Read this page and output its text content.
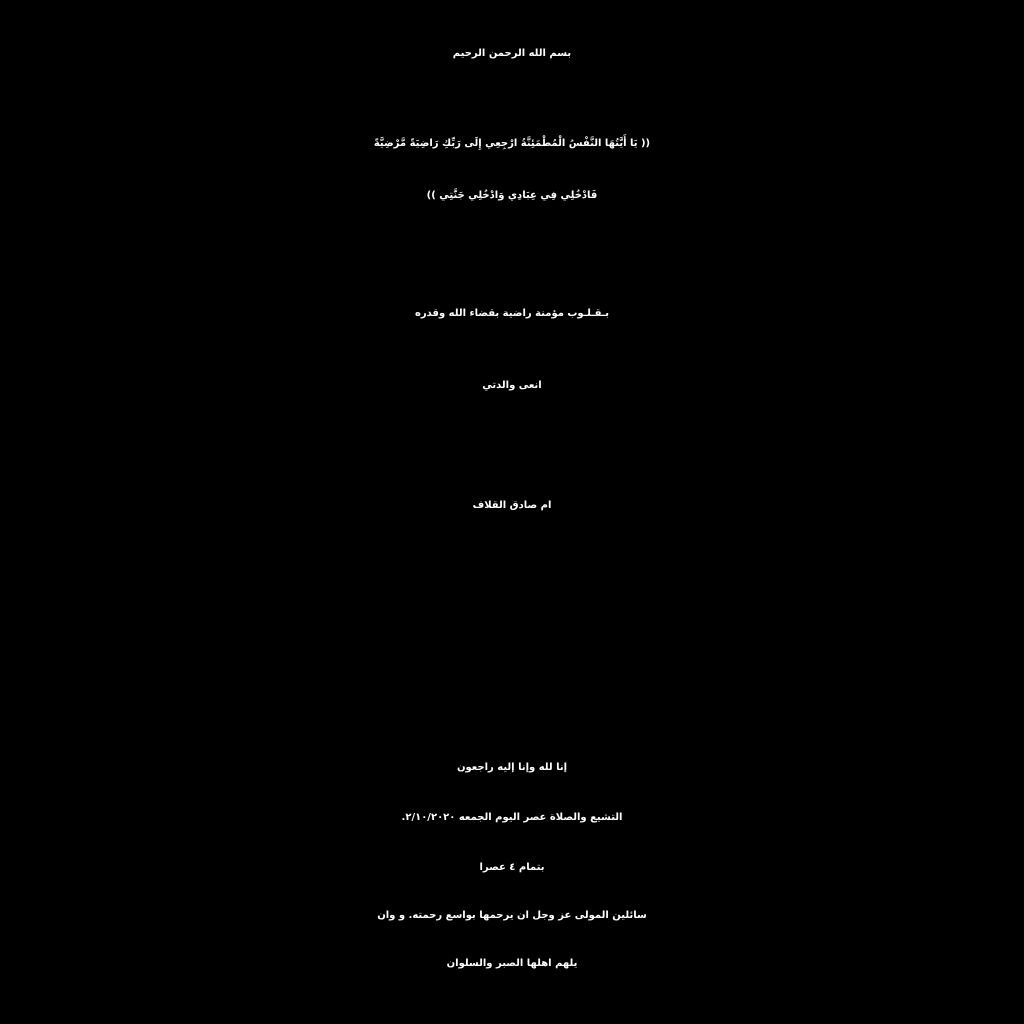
بسم الله الرحمن الرحيم
(( يَا أَيَّتُهَا النَّفْسُ الْمُطْمَئِنَّةُ ارْجِعِي إِلَى رَبِّكِ رَاضِيَةً مَّرْضِيَّةً
فَادْخُلِي فِي عِبَادِي وَادْخُلِي جَنَّتِي ))
بـقـلـوب مؤمنة راضية بقضاء الله وقدره
انعى والدتي
ام صادق القلاف
إنا لله وإنا إليه راجعون
التشيع والصلاة عصر اليوم الجمعه ٢/١٠/٢٠٢٠.
بتمام ٤ عصرا
سائلين المولى عز وجل ان يرحمها بواسع رحمته. و وان
يلهم اهلها الصبر والسلوان
